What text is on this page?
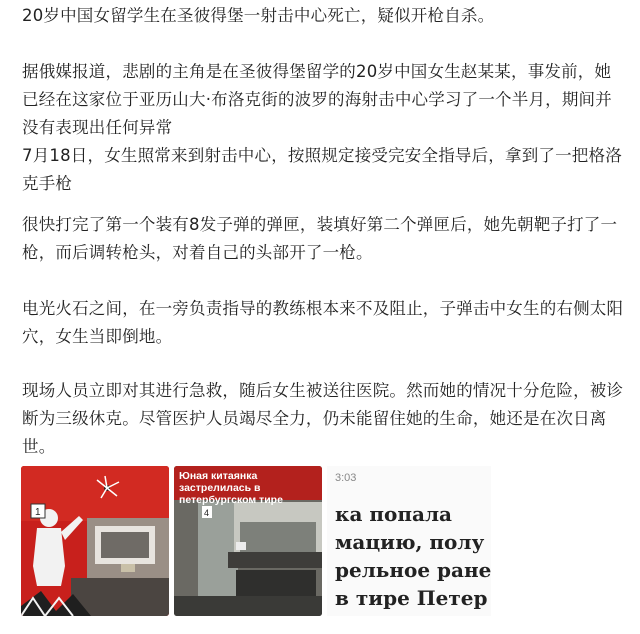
20岁中国女留学生在圣彼得堡一射击中心死亡，疑似开枪自杀。

据俄媒报道，悲剧的主角是在圣彼得堡留学的20岁中国女生赵某某，事发前，她已经在这家位于亚历山大·布洛克街的波罗的海射击中心学习了一个半月，期间并没有表现出任何异常
7月18日，女生照常来到射击中心，按照规定接受完安全指导后，拿到了一把格洛克手枪

很快打完了第一个装有8发子弹的弹匣，装填好第二个弹匣后，她先朝靶子打了一枪，而后调转枪头，对着自己的头部开了一枪。

电光火石之间，在一旁负责指导的教练根本来不及阻止，子弹击中女生的右侧太阳穴，女生当即倒地。

现场人员立即对其进行急救，随后女生被送往医院。然而她的情况十分危险，被诊断为三级休克。尽管医护人员竭尽全力，仍未能留住她的生命，她还是在次日离世。

1	4
Юная китаянка застрелилась в петербургском тире
3:03
ка попала
мацию, полу
рельное ране
в тире Петер
